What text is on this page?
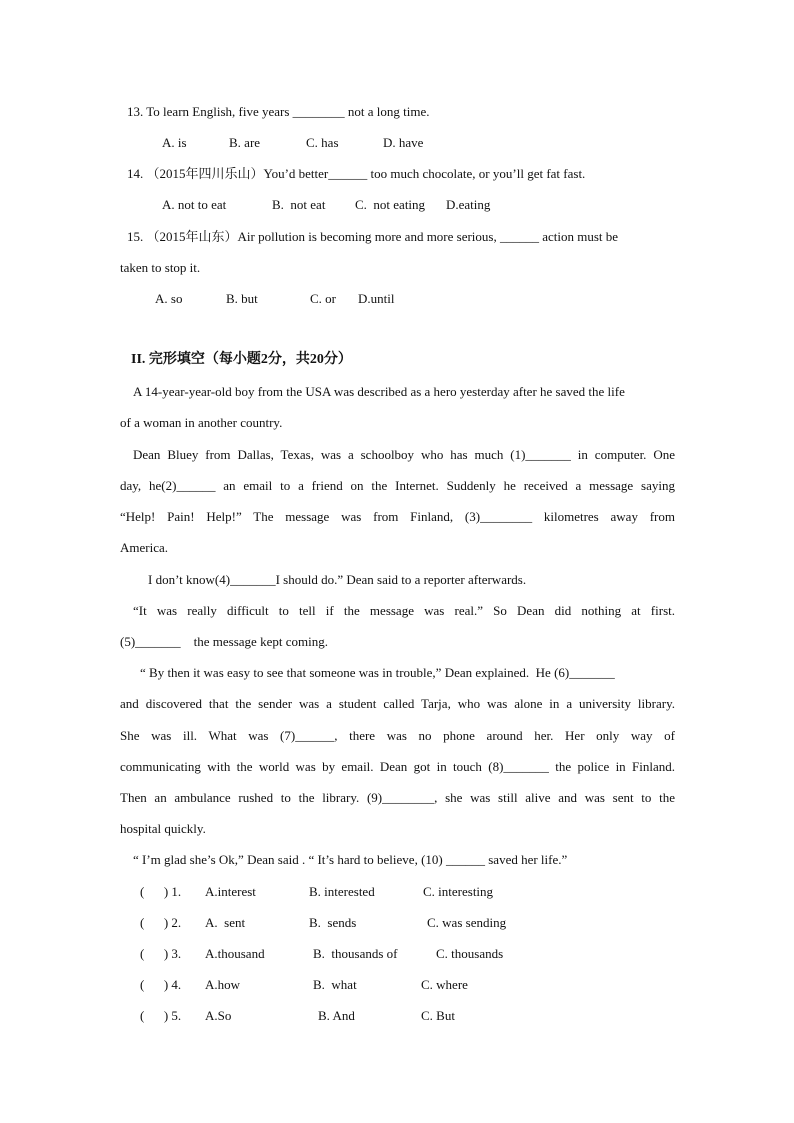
13. To learn English, five years ________ not a long time.
A. is	B. are	C. has	D. have
14. （2015年四川乐山）You’d better______ too much chocolate, or you’ll get fat fast.
A. not to eat	B.  not eat C.  not eating D.eating
15. （2015年山东）Air pollution is becoming more and more serious, ______ action must be
taken to stop it.
A. so	B. but	C. or D.until
II. 完形填空（每小题2分，共20分）
A 14-year-year-old boy from the USA was described as a hero yesterday after he saved the life
of a woman in another country.
Dean Bluey from Dallas, Texas, was a schoolboy who has much (1)_______ in computer. One
day, he(2)______ an email to a friend on the Internet. Suddenly he received a message saying
“Help! Pain! Help!” The message was from Finland, (3)________ kilometres away from
America.
I don’t know(4)_______I should do.” Dean said to a reporter afterwards.
“It was really difficult to tell if the message was real.” So Dean did nothing at first.
(5)_______    the message kept coming.
“ By then it was easy to see that someone was in trouble,” Dean explained.  He (6)_______
and discovered that the sender was a student called Tarja, who was alone in a university library.
She was ill. What was (7)______, there was no phone around her. Her only way of
communicating with the world was by email. Dean got in touch (8)_______ the police in Finland.
Then an ambulance rushed to the library. (9)________, she was still alive and was sent to the
hospital quickly.
“ I’m glad she’s Ok,” Dean said . “ It’s hard to believe, (10) ______ saved her life.”
(      ) 1. A.interest	B. interested	C. interesting
(      ) 2. A.  sent	B.  sends	C. was sending
(      ) 3. A.thousand	B.  thousands of	C. thousands
(      ) 4. A.how	B.  what	C. where
(      ) 5. A.So	B. And	C. But
